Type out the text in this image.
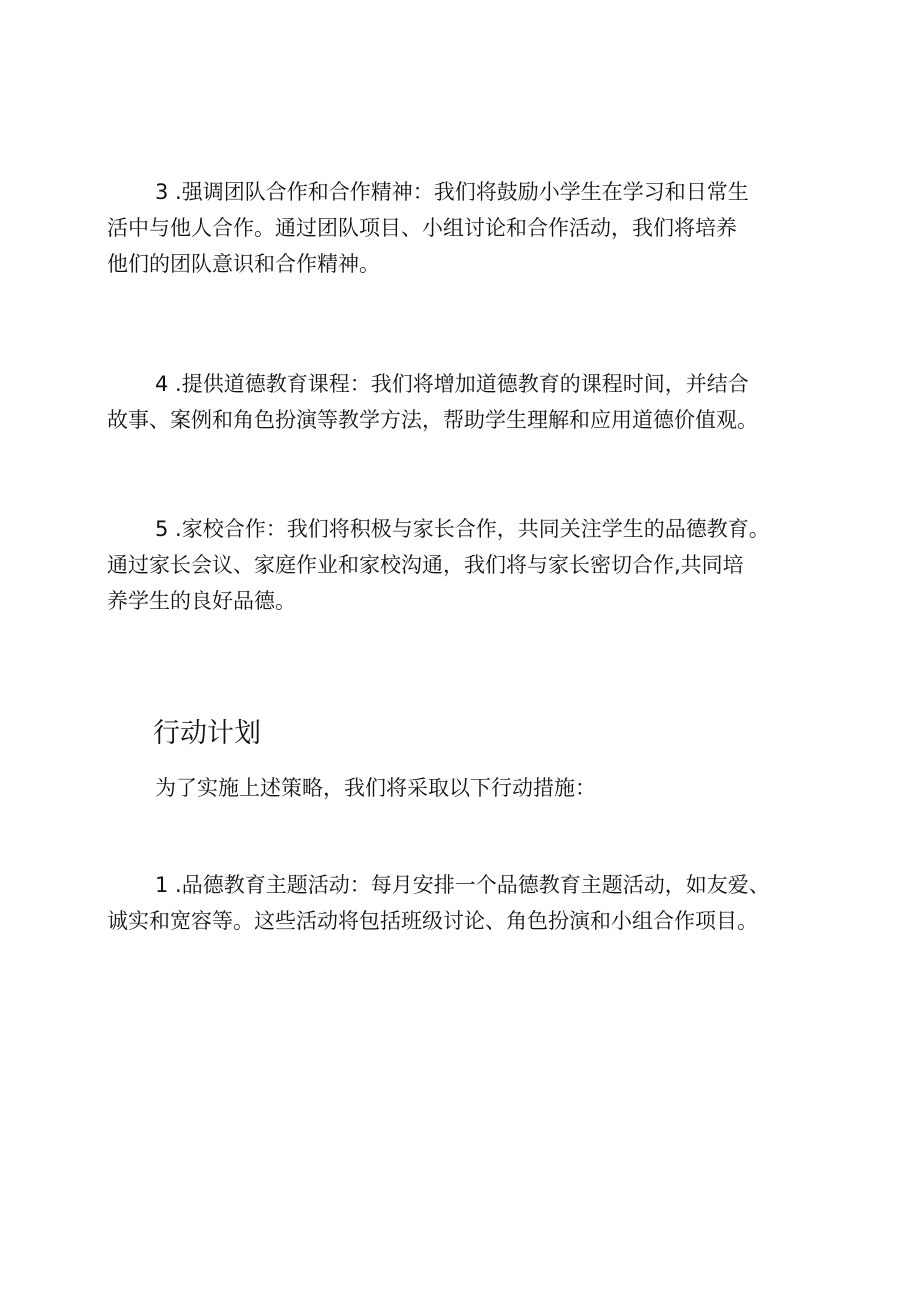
3 .强调团队合作和合作精神：我们将鼓励小学生在学习和日常生
活中与他人合作。通过团队项目、小组讨论和合作活动，我们将培养
他们的团队意识和合作精神。

4 .提供道德教育课程：我们将增加道德教育的课程时间，并结合
故事、案例和角色扮演等教学方法，帮助学生理解和应用道德价值观。

5 .家校合作：我们将积极与家长合作，共同关注学生的品德教育。
通过家长会议、家庭作业和家校沟通，我们将与家长密切合作,共同培
养学生的良好品德。

行动计划

为了实施上述策略，我们将采取以下行动措施：

1 .品德教育主题活动：每月安排一个品德教育主题活动，如友爱、
诚实和宽容等。这些活动将包括班级讨论、角色扮演和小组合作项目。
